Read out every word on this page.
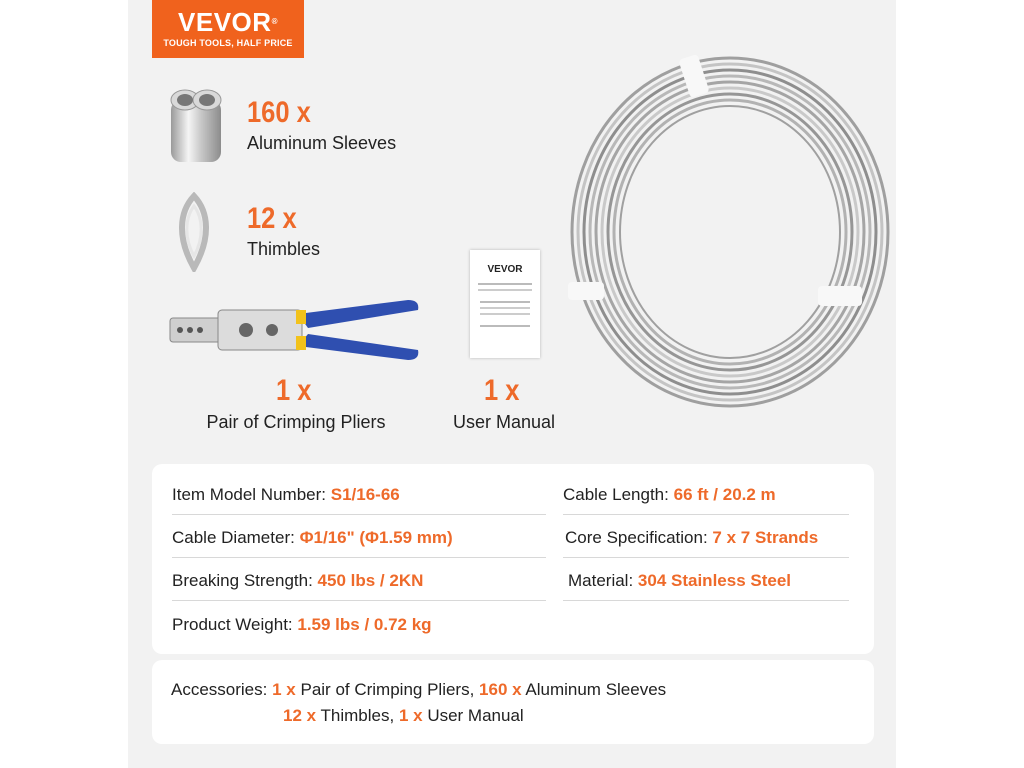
VEVOR®
TOUGH TOOLS, HALF PRICE
160 x
Aluminum Sleeves
12 x
Thimbles
1 x
Pair of Crimping Pliers
VEVOR
1 x
User Manual
Item Model Number: S1/16-66	Cable Length: 66 ft / 20.2 m
Cable Diameter: Φ1/16" (Φ1.59 mm)	Core Specification: 7 x 7 Strands
Breaking Strength: 450 lbs / 2KN	Material: 304 Stainless Steel
Product Weight: 1.59 lbs / 0.72 kg
Accessories: 1 x Pair of Crimping Pliers, 160 x Aluminum Sleeves
12 x Thimbles, 1 x User Manual
